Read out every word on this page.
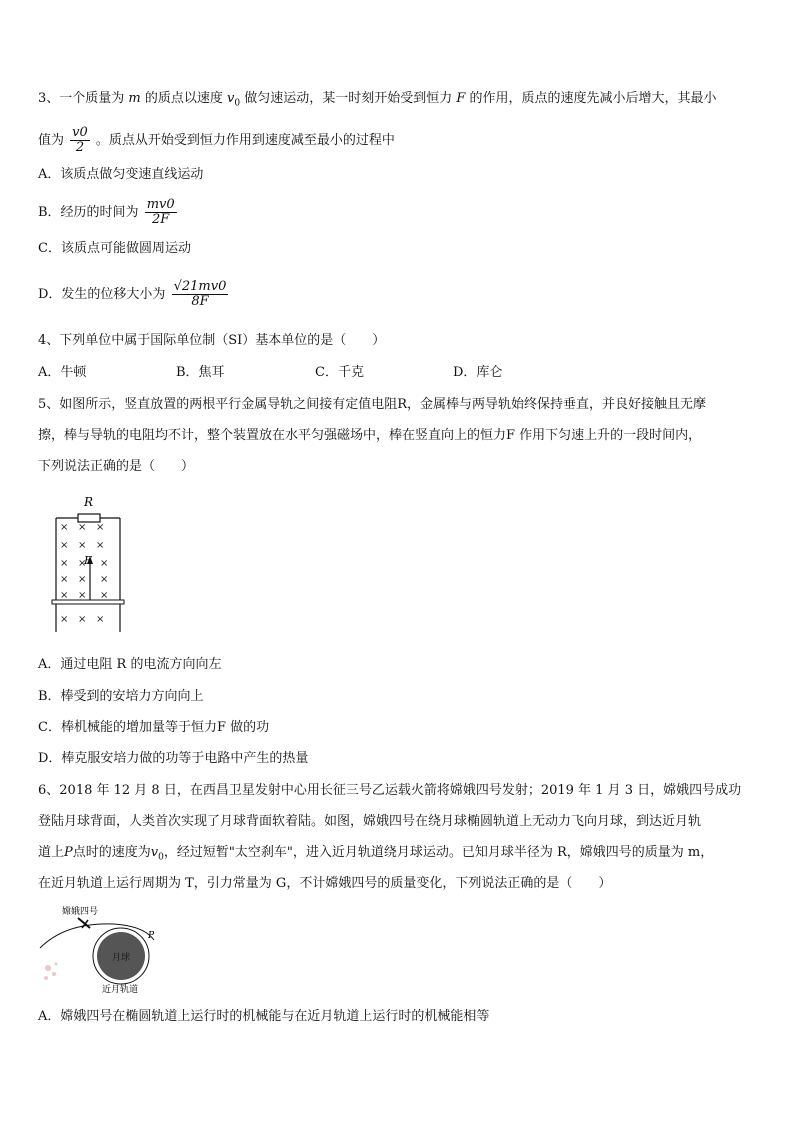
3、一个质量为 m 的质点以速度 $v_0$ 做匀速运动，某一时刻开始受到恒力 F 的作用，质点的速度先减小后增大，其最小
值为 $\frac{v0}{2}$ 。质点从开始受到恒力作用到速度减至最小的过程中
A．该质点做匀变速直线运动
B．经历的时间为 $\frac{mv0}{2F}$
C．该质点可能做圆周运动
D．发生的位移大小为 $\frac{√21mv0}{8F}$
4、下列单位中属于国际单位制（SI）基本单位的是（　　）
A．牛顿	B．焦耳	C．千克	D．库仑
5、如图所示，竖直放置的两根平行金属导轨之间接有定值电阻R，金属棒与两导轨始终保持垂直，并良好接触且无摩
擦，棒与导轨的电阻均不计，整个装置放在水平匀强磁场中，棒在竖直向上的恒力F 作用下匀速上升的一段时间内，
下列说法正确的是（　　）
R
F
× × ×
× × ×
× × ×
× × ×
× × ×
× × ×
A．通过电阻 R 的电流方向向左
B．棒受到的安培力方向向上
C．棒机械能的增加量等于恒力F 做的功
D．棒克服安培力做的功等于电路中产生的热量
6、2018 年 12 月 8 日，在西昌卫星发射中心用长征三号乙运载火箭将嫦娥四号发射；2019 年 1 月 3 日，嫦娥四号成功
登陆月球背面，人类首次实现了月球背面软着陆。如图，嫦娥四号在绕月球椭圆轨道上无动力飞向月球，到达近月轨
道上P点时的速度为$v_0$，经过短暂"太空刹车"，进入近月轨道绕月球运动。已知月球半径为 R，嫦娥四号的质量为 m，
在近月轨道上运行周期为 T，引力常量为 G，不计嫦娥四号的质量变化，下列说法正确的是（　　）
嫦娥四号
月球
P
近月轨道
A．嫦娥四号在椭圆轨道上运行时的机械能与在近月轨道上运行时的机械能相等
